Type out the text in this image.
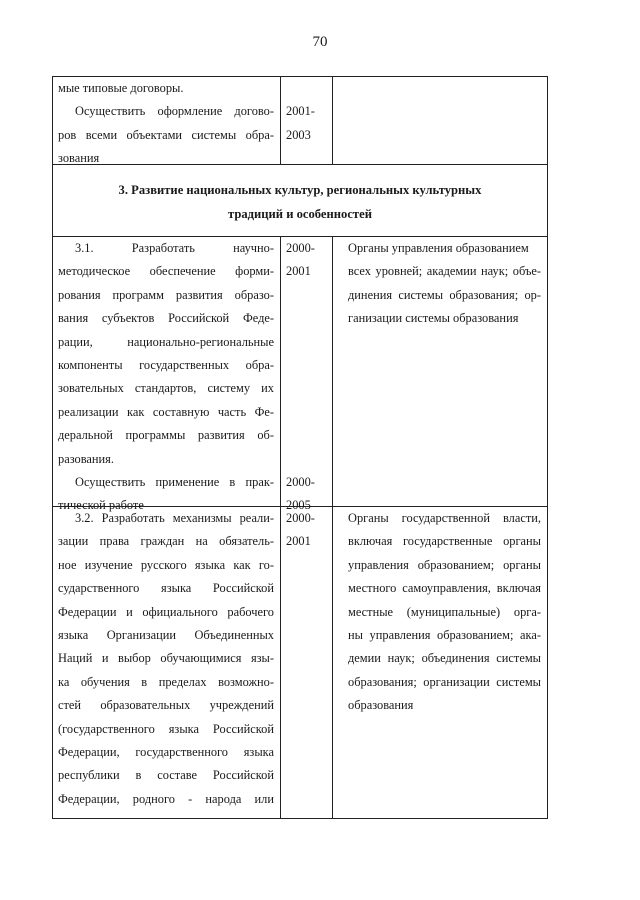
70
мые типовые договоры.
Осуществить оформление догово-
ров всеми объектами системы обра-
зования

2001-
2003
3. Развитие национальных культур, региональных культурных
традиций и особенностей
3.1. Разработать научно-
методическое обеспечение форми-
рования программ развития образо-
вания субъектов Российской Феде-
рации, национально-региональные
компоненты государственных обра-
зовательных стандартов, систему их
реализации как составную часть Фе-
деральной программы развития об-
разования.
Осуществить применение в прак-
тической работе
2000-
2001

2000-
2005
Органы управления образованием
всех уровней; академии наук; объе-
динения системы образования; ор-
ганизации системы образования
3.2. Разработать механизмы реали-
зации права граждан на обязатель-
ное изучение русского языка как го-
сударственного языка Российской
Федерации и официального рабочего
языка Организации Объединенных
Наций и выбор обучающимися язы-
ка обучения в пределах возможно-
стей образовательных учреждений
(государственного языка Российской
Федерации, государственного языка
республики в составе Российской
Федерации, родного - народа или
2000-
2001
Органы государственной власти,
включая государственные органы
управления образованием; органы
местного самоуправления, включая
местные (муниципальные) орга-
ны управления образованием; ака-
демии наук; объединения системы
образования; организации системы
образования
